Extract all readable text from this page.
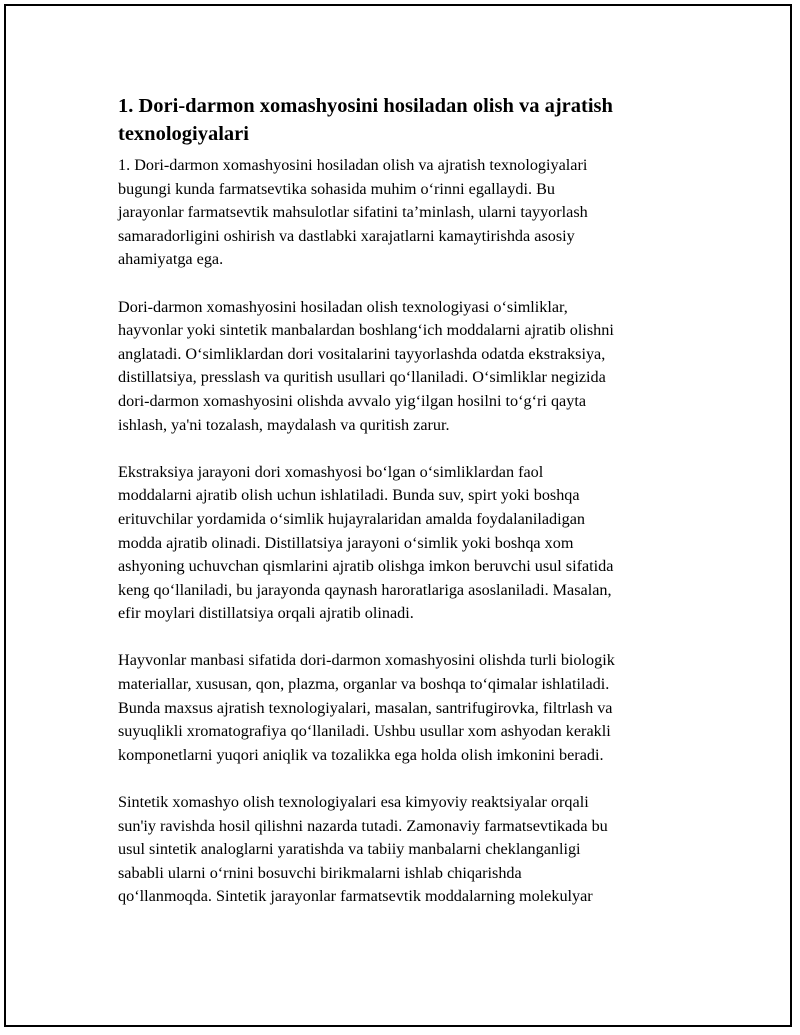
1. Dori-darmon xomashyosini hosiladan olish va ajratish
texnologiyalari

1. Dori-darmon xomashyosini hosiladan olish va ajratish texnologiyalari
bugungi kunda farmatsevtika sohasida muhim o‘rinni egallaydi. Bu
jarayonlar farmatsevtik mahsulotlar sifatini ta’minlash, ularni tayyorlash
samaradorligini oshirish va dastlabki xarajatlarni kamaytirishda asosiy
ahamiyatga ega.

Dori-darmon xomashyosini hosiladan olish texnologiyasi o‘simliklar,
hayvonlar yoki sintetik manbalardan boshlang‘ich moddalarni ajratib olishni
anglatadi. O‘simliklardan dori vositalarini tayyorlashda odatda ekstraksiya,
distillatsiya, presslash va quritish usullari qo‘llaniladi. O‘simliklar negizida
dori-darmon xomashyosini olishda avvalo yig‘ilgan hosilni to‘g‘ri qayta
ishlash, ya'ni tozalash, maydalash va quritish zarur.

Ekstraksiya jarayoni dori xomashyosi bo‘lgan o‘simliklardan faol
moddalarni ajratib olish uchun ishlatiladi. Bunda suv, spirt yoki boshqa
erituvchilar yordamida o‘simlik hujayralaridan amalda foydalaniladigan
modda ajratib olinadi. Distillatsiya jarayoni o‘simlik yoki boshqa xom
ashyoning uchuvchan qismlarini ajratib olishga imkon beruvchi usul sifatida
keng qo‘llaniladi, bu jarayonda qaynash haroratlariga asoslaniladi. Masalan,
efir moylari distillatsiya orqali ajratib olinadi.

Hayvonlar manbasi sifatida dori-darmon xomashyosini olishda turli biologik
materiallar, xususan, qon, plazma, organlar va boshqa to‘qimalar ishlatiladi.
Bunda maxsus ajratish texnologiyalari, masalan, santrifugirovka, filtrlash va
suyuqlikli xromatografiya qo‘llaniladi. Ushbu usullar xom ashyodan kerakli
komponetlarni yuqori aniqlik va tozalikka ega holda olish imkonini beradi.

Sintetik xomashyo olish texnologiyalari esa kimyoviy reaktsiyalar orqali
sun'iy ravishda hosil qilishni nazarda tutadi. Zamonaviy farmatsevtikada bu
usul sintetik analoglarni yaratishda va tabiiy manbalarni cheklanganligi
sababli ularni o‘rnini bosuvchi birikmalarni ishlab chiqarishda
qo‘llanmoqda. Sintetik jarayonlar farmatsevtik moddalarning molekulyar
